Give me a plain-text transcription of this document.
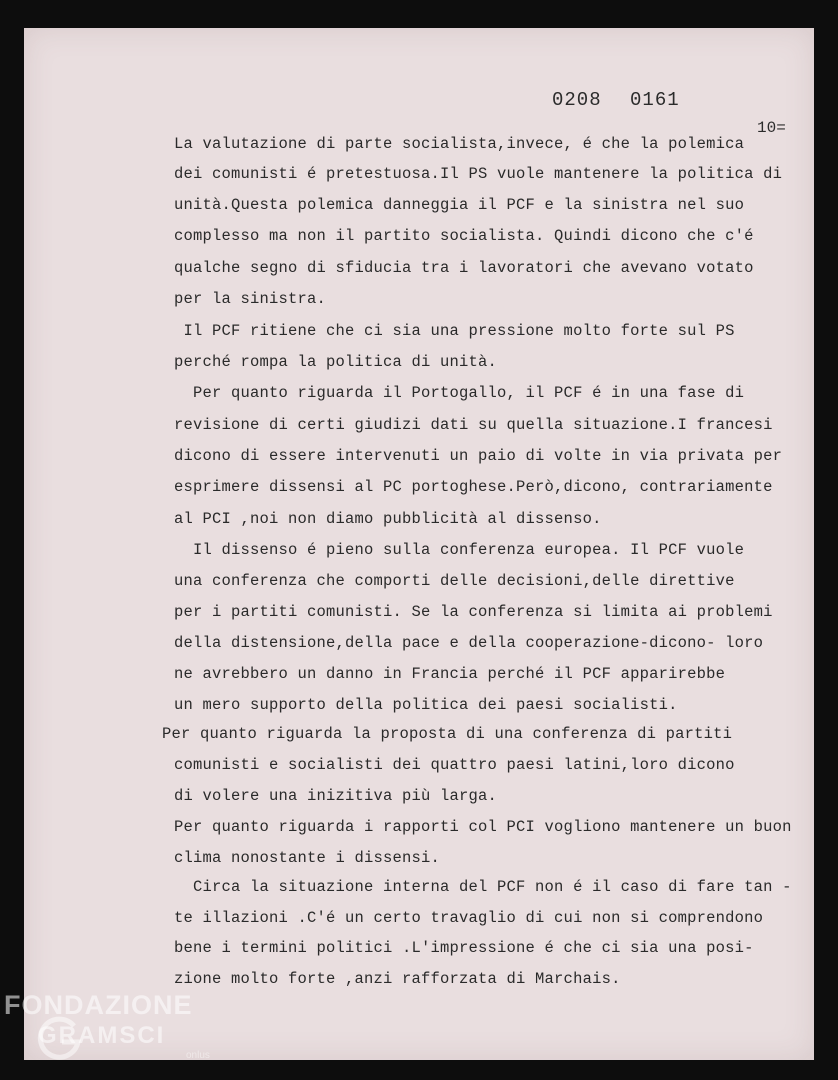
0208 0161
10=
La valutazione di parte socialista,invece, é che la polemica
dei comunisti é pretestuosa.Il PS vuole mantenere la politica di
unità.Questa polemica danneggia il PCF e la sinistra nel suo
complesso ma non il partito socialista. Quindi dicono che c'é
qualche segno di sfiducia tra i lavoratori che avevano votato
per la sinistra.
Il PCF ritiene che ci sia una pressione molto forte sul PS
perché rompa la politica di unità.
Per quanto riguarda il Portogallo, il PCF é in una fase di
revisione di certi giudizi dati su quella situazione.I francesi
dicono di essere intervenuti un paio di volte in via privata per
esprimere dissensi al PC portoghese.Però,dicono, contrariamente
al PCI ,noi non diamo pubblicità al dissenso.
Il dissenso é pieno sulla conferenza europea. Il PCF vuole
una conferenza che comporti delle decisioni,delle direttive
per i partiti comunisti. Se la conferenza si limita ai problemi
della distensione,della pace e della cooperazione-dicono- loro
ne avrebbero un danno in Francia perché il PCF apparirebbe
un mero supporto della politica dei paesi socialisti.
Per quanto riguarda la proposta di una conferenza di partiti
comunisti e socialisti dei quattro paesi latini,loro dicono
di volere una inizitiva più larga.
Per quanto riguarda i rapporti col PCI vogliono mantenere un buon
clima nonostante i dissensi.
Circa la situazione interna del PCF non é il caso di fare tan -
te illazioni .C'é un certo travaglio di cui non si comprendono
bene i termini politici .L'impressione é che ci sia una posi-
zione molto forte ,anzi rafforzata di Marchais.
FONDAZIONE
GRAMSCI
onlus
